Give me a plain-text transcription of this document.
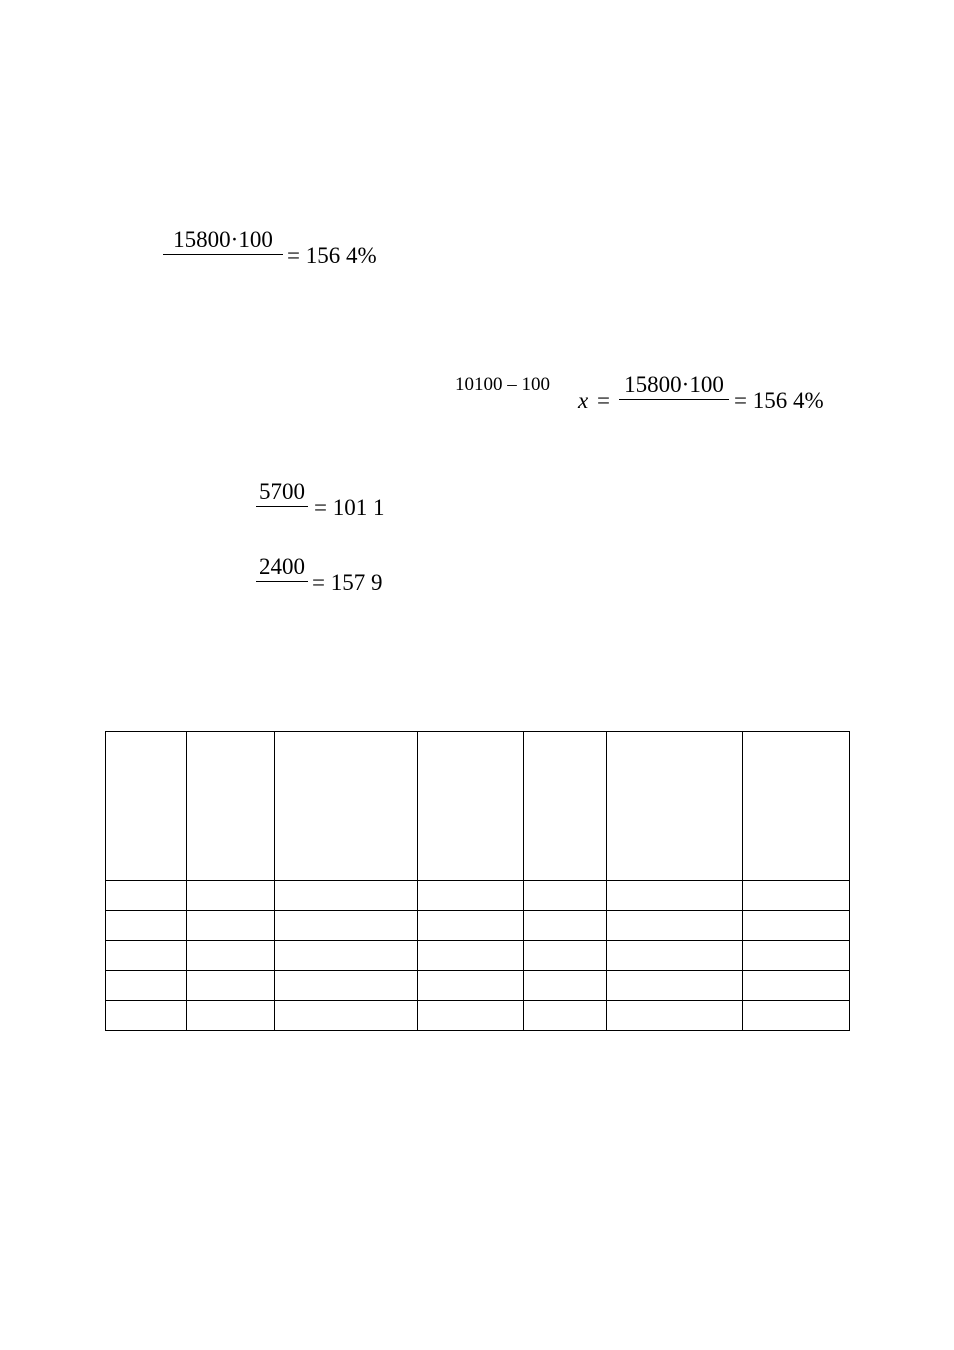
15800·100
= 156 4%
10100 – 100
x =
15800·100
= 156 4%
5700
= 101 1
2400
= 157 9
